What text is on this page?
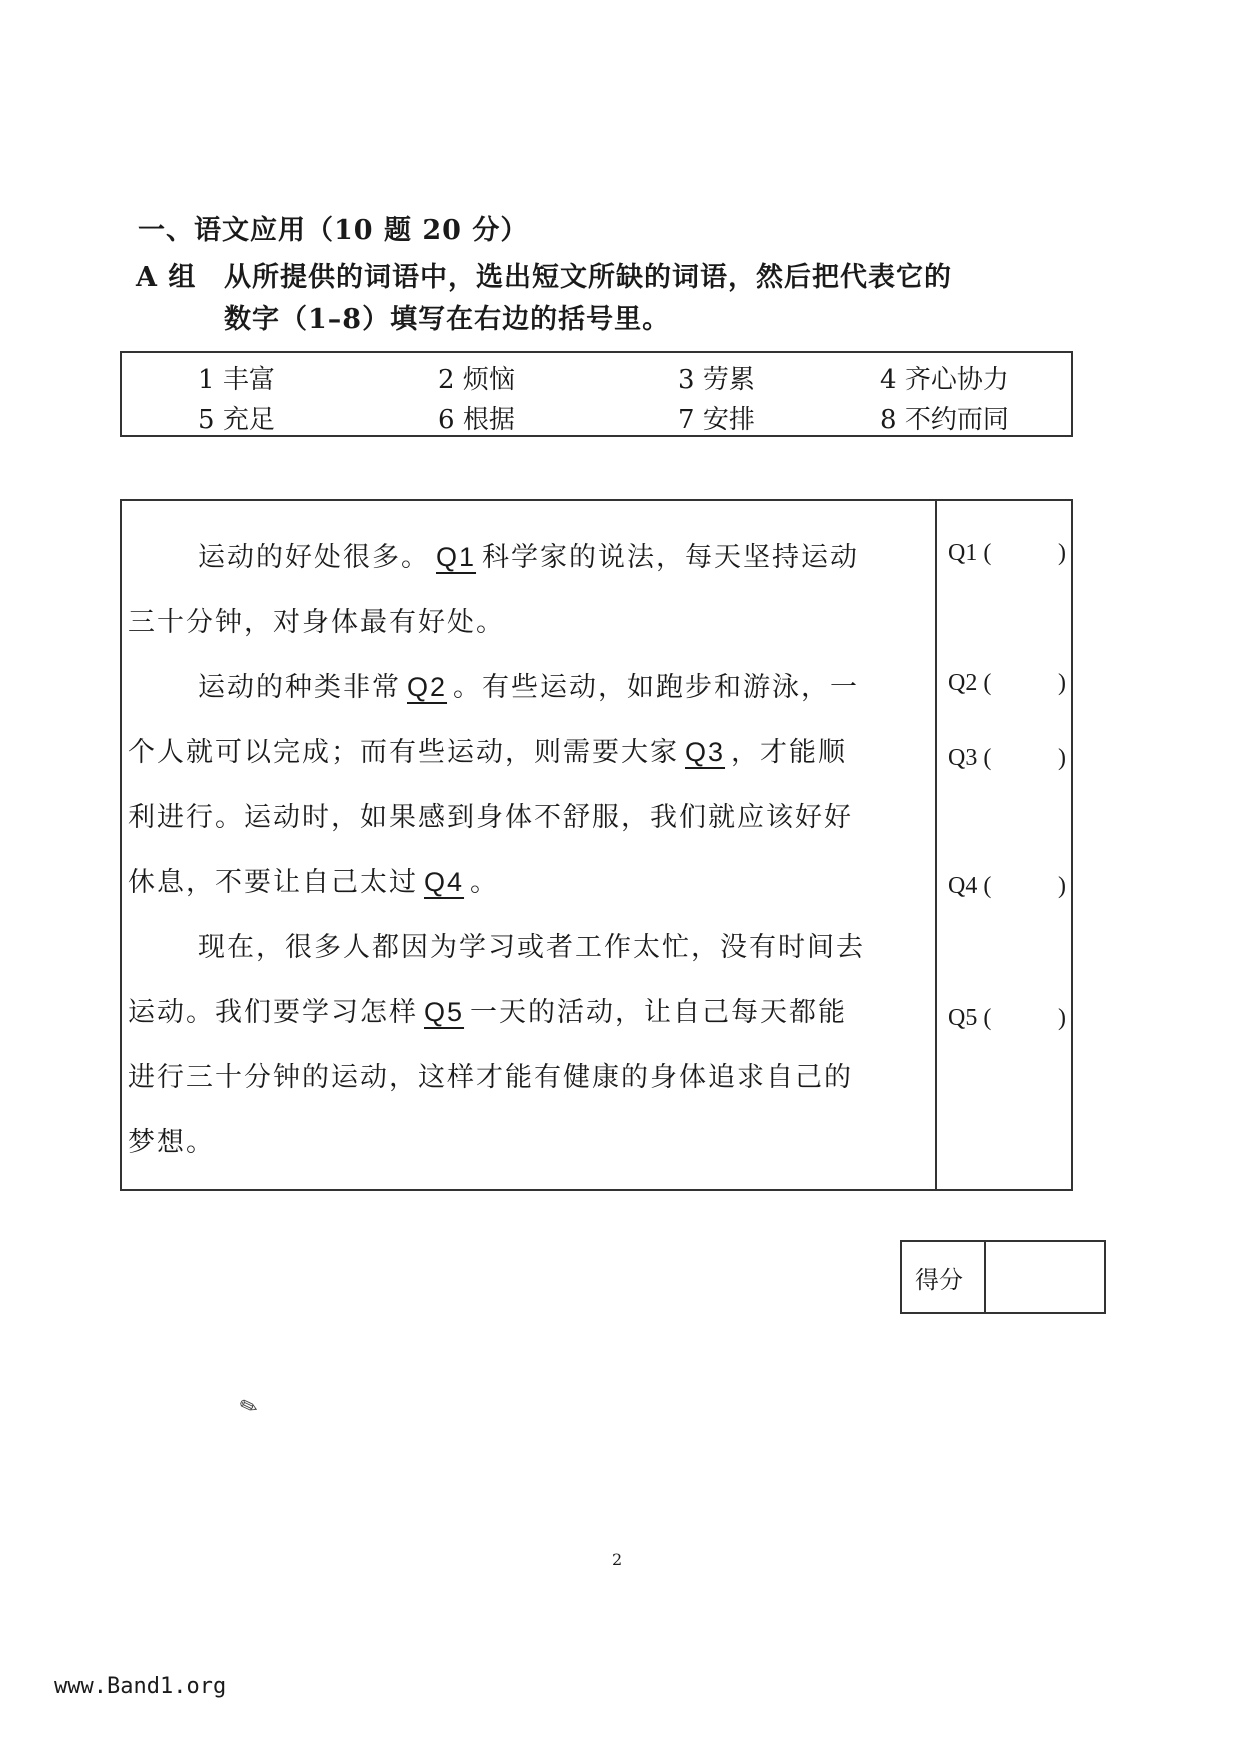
一、语文应用（10 题 20 分）
A 组 从所提供的词语中，选出短文所缺的词语，然后把代表它的
数字（1–8）填写在右边的括号里。
1 丰富	2 烦恼	3 劳累	4 齐心协力
5 充足	6 根据	7 安排	8 不约而同
运动的好处很多。 Q1 科学家的说法，每天坚持运动
三十分钟，对身体最有好处。
运动的种类非常 Q2 。有些运动，如跑步和游泳，一
个人就可以完成；而有些运动，则需要大家 Q3 ，才能顺
利进行。运动时，如果感到身体不舒服，我们就应该好好
休息，不要让自己太过 Q4 。
现在，很多人都因为学习或者工作太忙，没有时间去
运动。我们要学习怎样 Q5 一天的活动，让自己每天都能
进行三十分钟的运动，这样才能有健康的身体追求自己的
梦想。
Q1 (	)
Q2 (	)
Q3 (	)
Q4 (	)
Q5 (	)
得分
✎
2
www.Band1.org
